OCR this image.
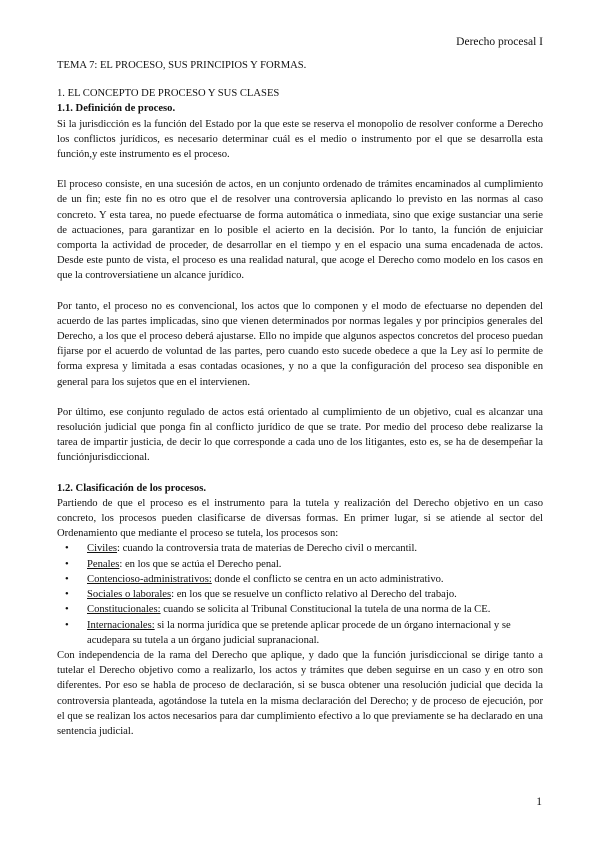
Derecho procesal I

TEMA 7: EL PROCESO, SUS PRINCIPIOS Y FORMAS.

1. EL CONCEPTO DE PROCESO Y SUS CLASES

1.1. Definición de proceso.

Si la jurisdicción es la función del Estado por la que este se reserva el monopolio de resolver conforme a Derecho los conflictos jurídicos, es necesario determinar cuál es el medio o instrumento por el que se desarrolla esta función,y este instrumento es el proceso.

El proceso consiste, en una sucesión de actos, en un conjunto ordenado de trámites encaminados al cumplimiento de un fin; este fin no es otro que el de resolver una controversia aplicando lo previsto en las normas al caso concreto. Y esta tarea, no puede efectuarse de forma automática o inmediata, sino que exige sustanciar una serie de actuaciones, para garantizar en lo posible el acierto en la decisión. Por lo tanto, la función de enjuiciar comporta la actividad de proceder, de desarrollar en el tiempo y en el espacio una suma encadenada de actos. Desde este punto de vista, el proceso es una realidad natural, que acoge el Derecho como modelo en los casos en que la controversiatiene un alcance jurídico.

Por tanto, el proceso no es convencional, los actos que lo componen y el modo de efectuarse no dependen del acuerdo de las partes implicadas, sino que vienen determinados por normas legales y por principios generales del Derecho, a los que el proceso deberá ajustarse. Ello no impide que algunos aspectos concretos del proceso puedan fijarse por el acuerdo de voluntad de las partes, pero cuando esto sucede obedece a que la Ley así lo permite de forma expresa y limitada a esas contadas ocasiones, y no a que la configuración del proceso sea disponible en general para los sujetos que en el intervienen.

Por último, ese conjunto regulado de actos está orientado al cumplimiento de un objetivo, cual es alcanzar una resolución judicial que ponga fin al conflicto jurídico de que se trate. Por medio del proceso debe realizarse la tarea de impartir justicia, de decir lo que corresponde a cada uno de los litigantes, esto es, se ha de desempeñar la funciónjurisdiccional.

1.2. Clasificación de los procesos.

Partiendo de que el proceso es el instrumento para la tutela y realización del Derecho objetivo en un caso concreto, los procesos pueden clasificarse de diversas formas. En primer lugar, si se atiende al sector del Ordenamiento que mediante el proceso se tutela, los procesos son:

• Civiles: cuando la controversia trata de materias de Derecho civil o mercantil.
• Penales: en los que se actúa el Derecho penal.
• Contencioso-administrativos: donde el conflicto se centra en un acto administrativo.
• Sociales o laborales: en los que se resuelve un conflicto relativo al Derecho del trabajo.
• Constitucionales: cuando se solicita al Tribunal Constitucional la tutela de una norma de la CE.
• Internacionales: si la norma jurídica que se pretende aplicar procede de un órgano internacional y se acudepara su tutela a un órgano judicial supranacional.

Con independencia de la rama del Derecho que aplique, y dado que la función jurisdiccional se dirige tanto a tutelar el Derecho objetivo como a realizarlo, los actos y trámites que deben seguirse en un caso y en otro son diferentes. Por eso se habla de proceso de declaración, si se busca obtener una resolución judicial que decida la controversia planteada, agotándose la tutela en la misma declaración del Derecho; y de proceso de ejecución, por el que se realizan los actos necesarios para dar cumplimiento efectivo a lo que previamente se ha declarado en una sentencia judicial.

1
